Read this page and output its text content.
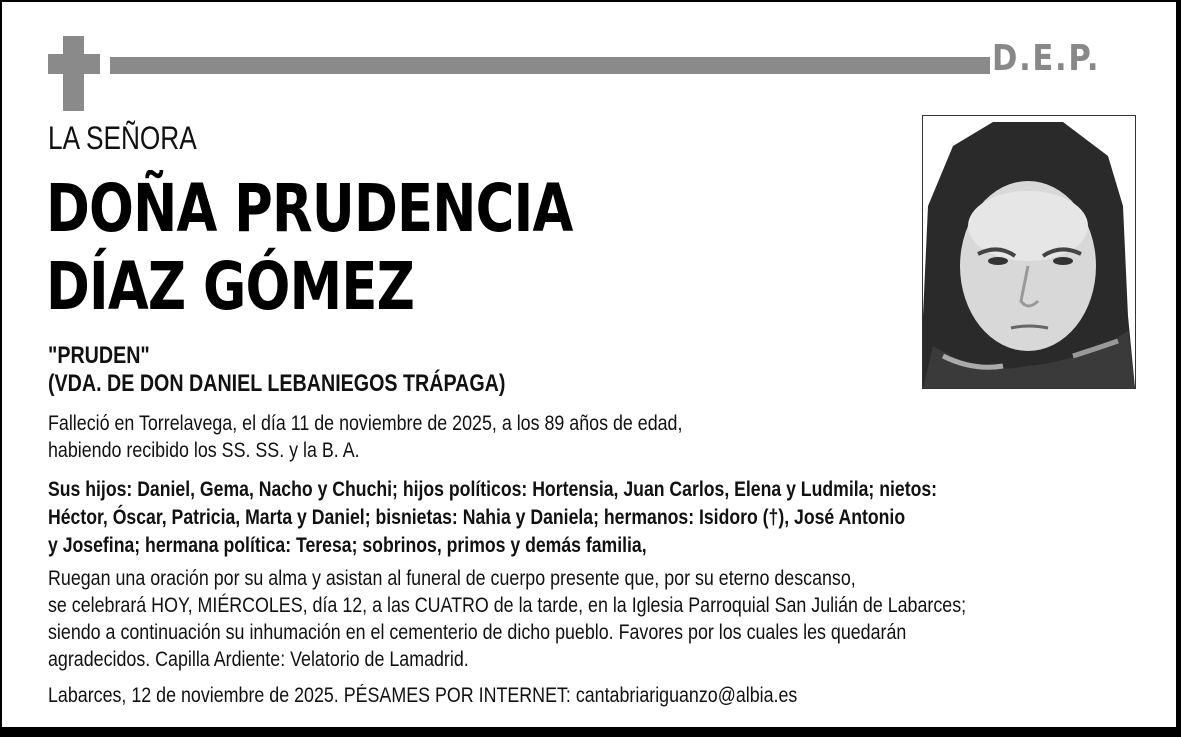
D.E.P.
LA SEÑORA
DOÑA PRUDENCIA
DÍAZ GÓMEZ
"PRUDEN"
(VDA. DE DON DANIEL LEBANIEGOS TRÁPAGA)
Falleció en Torrelavega, el día 11 de noviembre de 2025, a los 89 años de edad,
habiendo recibido los SS. SS. y la B. A.
Sus hijos: Daniel, Gema, Nacho y Chuchi; hijos políticos: Hortensia, Juan Carlos, Elena y Ludmila; nietos:
Héctor, Óscar, Patricia, Marta y Daniel; bisnietas: Nahia y Daniela; hermanos: Isidoro (†), José Antonio
y Josefina; hermana política: Teresa; sobrinos, primos y demás familia,
Ruegan una oración por su alma y asistan al funeral de cuerpo presente que, por su eterno descanso,
se celebrará HOY, MIÉRCOLES, día 12, a las CUATRO de la tarde, en la Iglesia Parroquial San Julián de Labarces;
siendo a continuación su inhumación en el cementerio de dicho pueblo. Favores por los cuales les quedarán
agradecidos. Capilla Ardiente: Velatorio de Lamadrid.
Labarces, 12 de noviembre de 2025. PÉSAMES POR INTERNET: cantabriariguanzo@albia.es
